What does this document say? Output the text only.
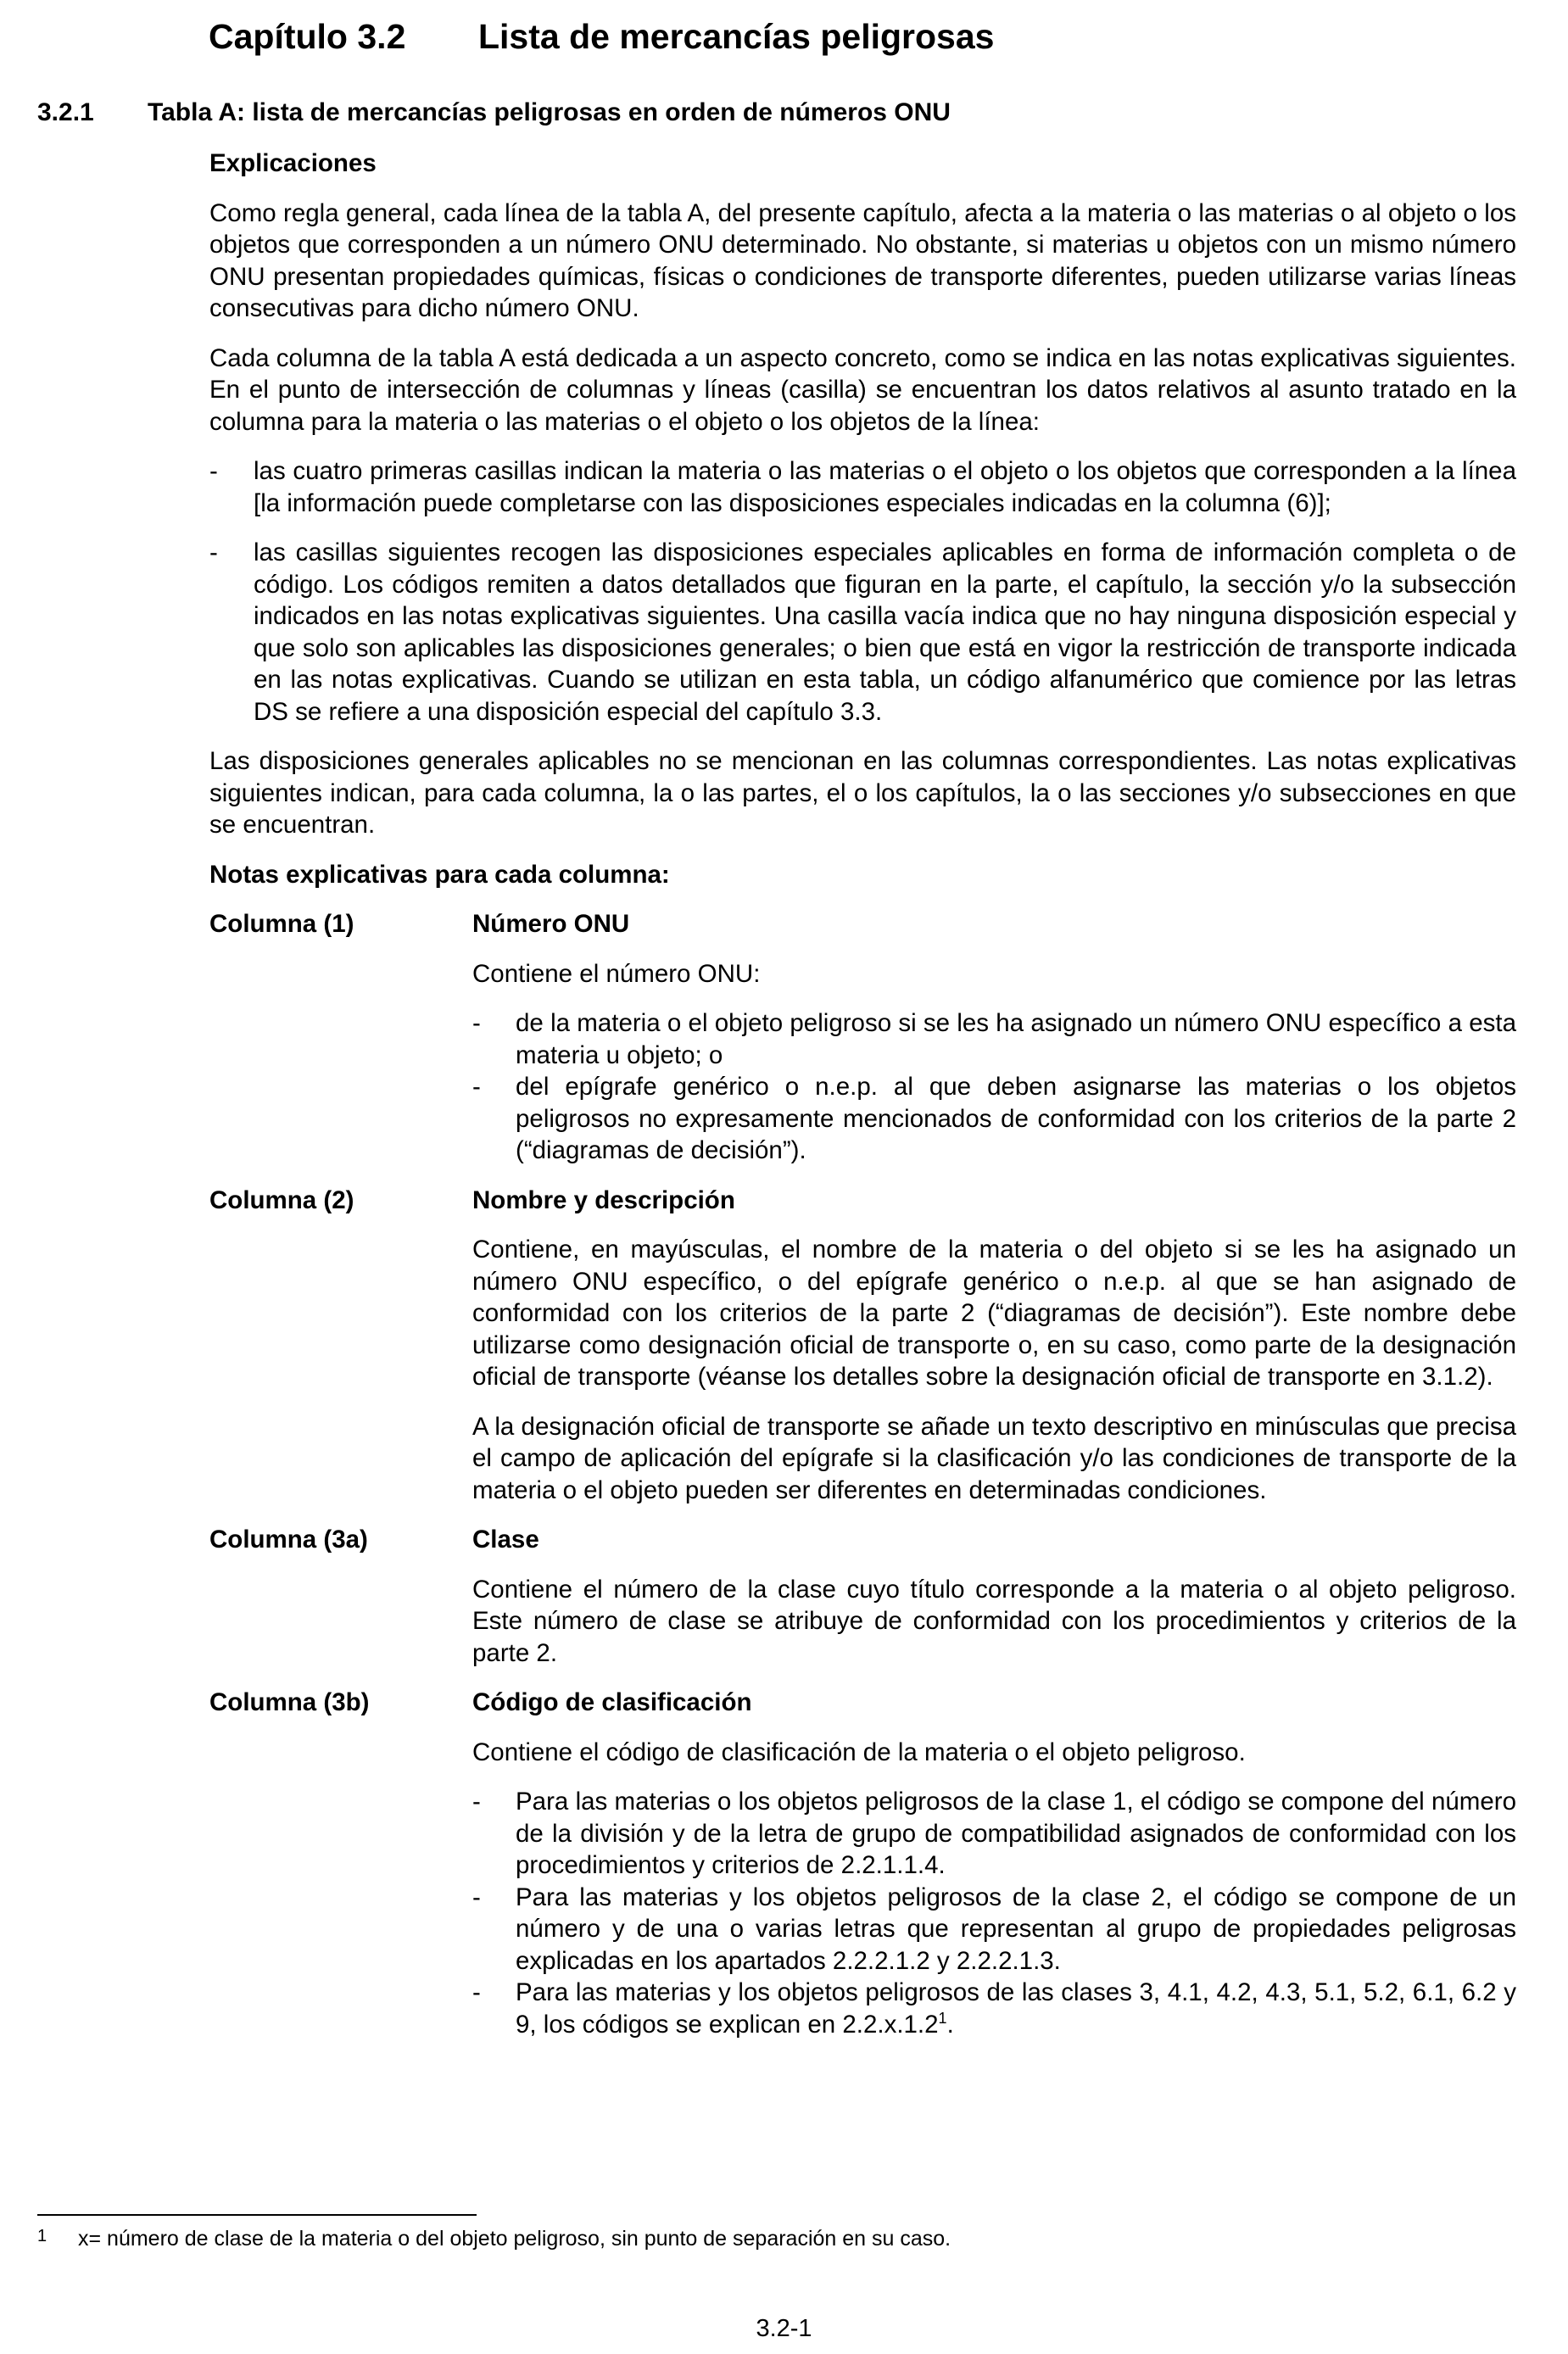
Capítulo 3.2 Lista de mercancías peligrosas
3.2.1 Tabla A: lista de mercancías peligrosas en orden de números ONU
Explicaciones

Como regla general, cada línea de la tabla A, del presente capítulo, afecta a la materia o las materias o al objeto o los objetos que corresponden a un número ONU determinado. No obstante, si materias u objetos con un mismo número ONU presentan propiedades químicas, físicas o condiciones de transporte diferentes, pueden utilizarse varias líneas consecutivas para dicho número ONU.

Cada columna de la tabla A está dedicada a un aspecto concreto, como se indica en las notas explicativas siguientes. En el punto de intersección de columnas y líneas (casilla) se encuentran los datos relativos al asunto tratado en la columna para la materia o las materias o el objeto o los objetos de la línea:

- las cuatro primeras casillas indican la materia o las materias o el objeto o los objetos que corresponden a la línea [la información puede completarse con las disposiciones especiales indicadas en la columna (6)];
- las casillas siguientes recogen las disposiciones especiales aplicables en forma de información completa o de código. Los códigos remiten a datos detallados que figuran en la parte, el capítulo, la sección y/o la subsección indicados en las notas explicativas siguientes. Una casilla vacía indica que no hay ninguna disposición especial y que solo son aplicables las disposiciones generales; o bien que está en vigor la restricción de transporte indicada en las notas explicativas. Cuando se utilizan en esta tabla, un código alfanumérico que comience por las letras DS se refiere a una disposición especial del capítulo 3.3.

Las disposiciones generales aplicables no se mencionan en las columnas correspondientes. Las notas explicativas siguientes indican, para cada columna, la o las partes, el o los capítulos, la o las secciones y/o subsecciones en que se encuentran.

Notas explicativas para cada columna:
Columna (1)	Número ONU

Contiene el número ONU:

- de la materia o el objeto peligroso si se les ha asignado un número ONU específico a esta materia u objeto; o
- del epígrafe genérico o n.e.p. al que deben asignarse las materias o los objetos peligrosos no expresamente mencionados de conformidad con los criterios de la parte 2 (“diagramas de decisión”).
Columna (2)	Nombre y descripción

Contiene, en mayúsculas, el nombre de la materia o del objeto si se les ha asignado un número ONU específico, o del epígrafe genérico o n.e.p. al que se han asignado de conformidad con los criterios de la parte 2 (“diagramas de decisión”). Este nombre debe utilizarse como designación oficial de transporte o, en su caso, como parte de la designación oficial de transporte (véanse los detalles sobre la designación oficial de transporte en 3.1.2).

A la designación oficial de transporte se añade un texto descriptivo en minúsculas que precisa el campo de aplicación del epígrafe si la clasificación y/o las condiciones de transporte de la materia o el objeto pueden ser diferentes en determinadas condiciones.

Columna (3a)	Clase

Contiene el número de la clase cuyo título corresponde a la materia o al objeto peligroso. Este número de clase se atribuye de conformidad con los procedimientos y criterios de la parte 2.

Columna (3b)	Código de clasificación

Contiene el código de clasificación de la materia o el objeto peligroso.

- Para las materias o los objetos peligrosos de la clase 1, el código se compone del número de la división y de la letra de grupo de compatibilidad asignados de conformidad con los procedimientos y criterios de 2.2.1.1.4.
- Para las materias y los objetos peligrosos de la clase 2, el código se compone de un número y de una o varias letras que representan al grupo de propiedades peligrosas explicadas en los apartados 2.2.2.1.2 y 2.2.2.1.3.
- Para las materias y los objetos peligrosos de las clases 3, 4.1, 4.2, 4.3, 5.1, 5.2, 6.1, 6.2 y 9, los códigos se explican en 2.2.x.1.2$^1$.
1 x= número de clase de la materia o del objeto peligroso, sin punto de separación en su caso.
3.2-1
